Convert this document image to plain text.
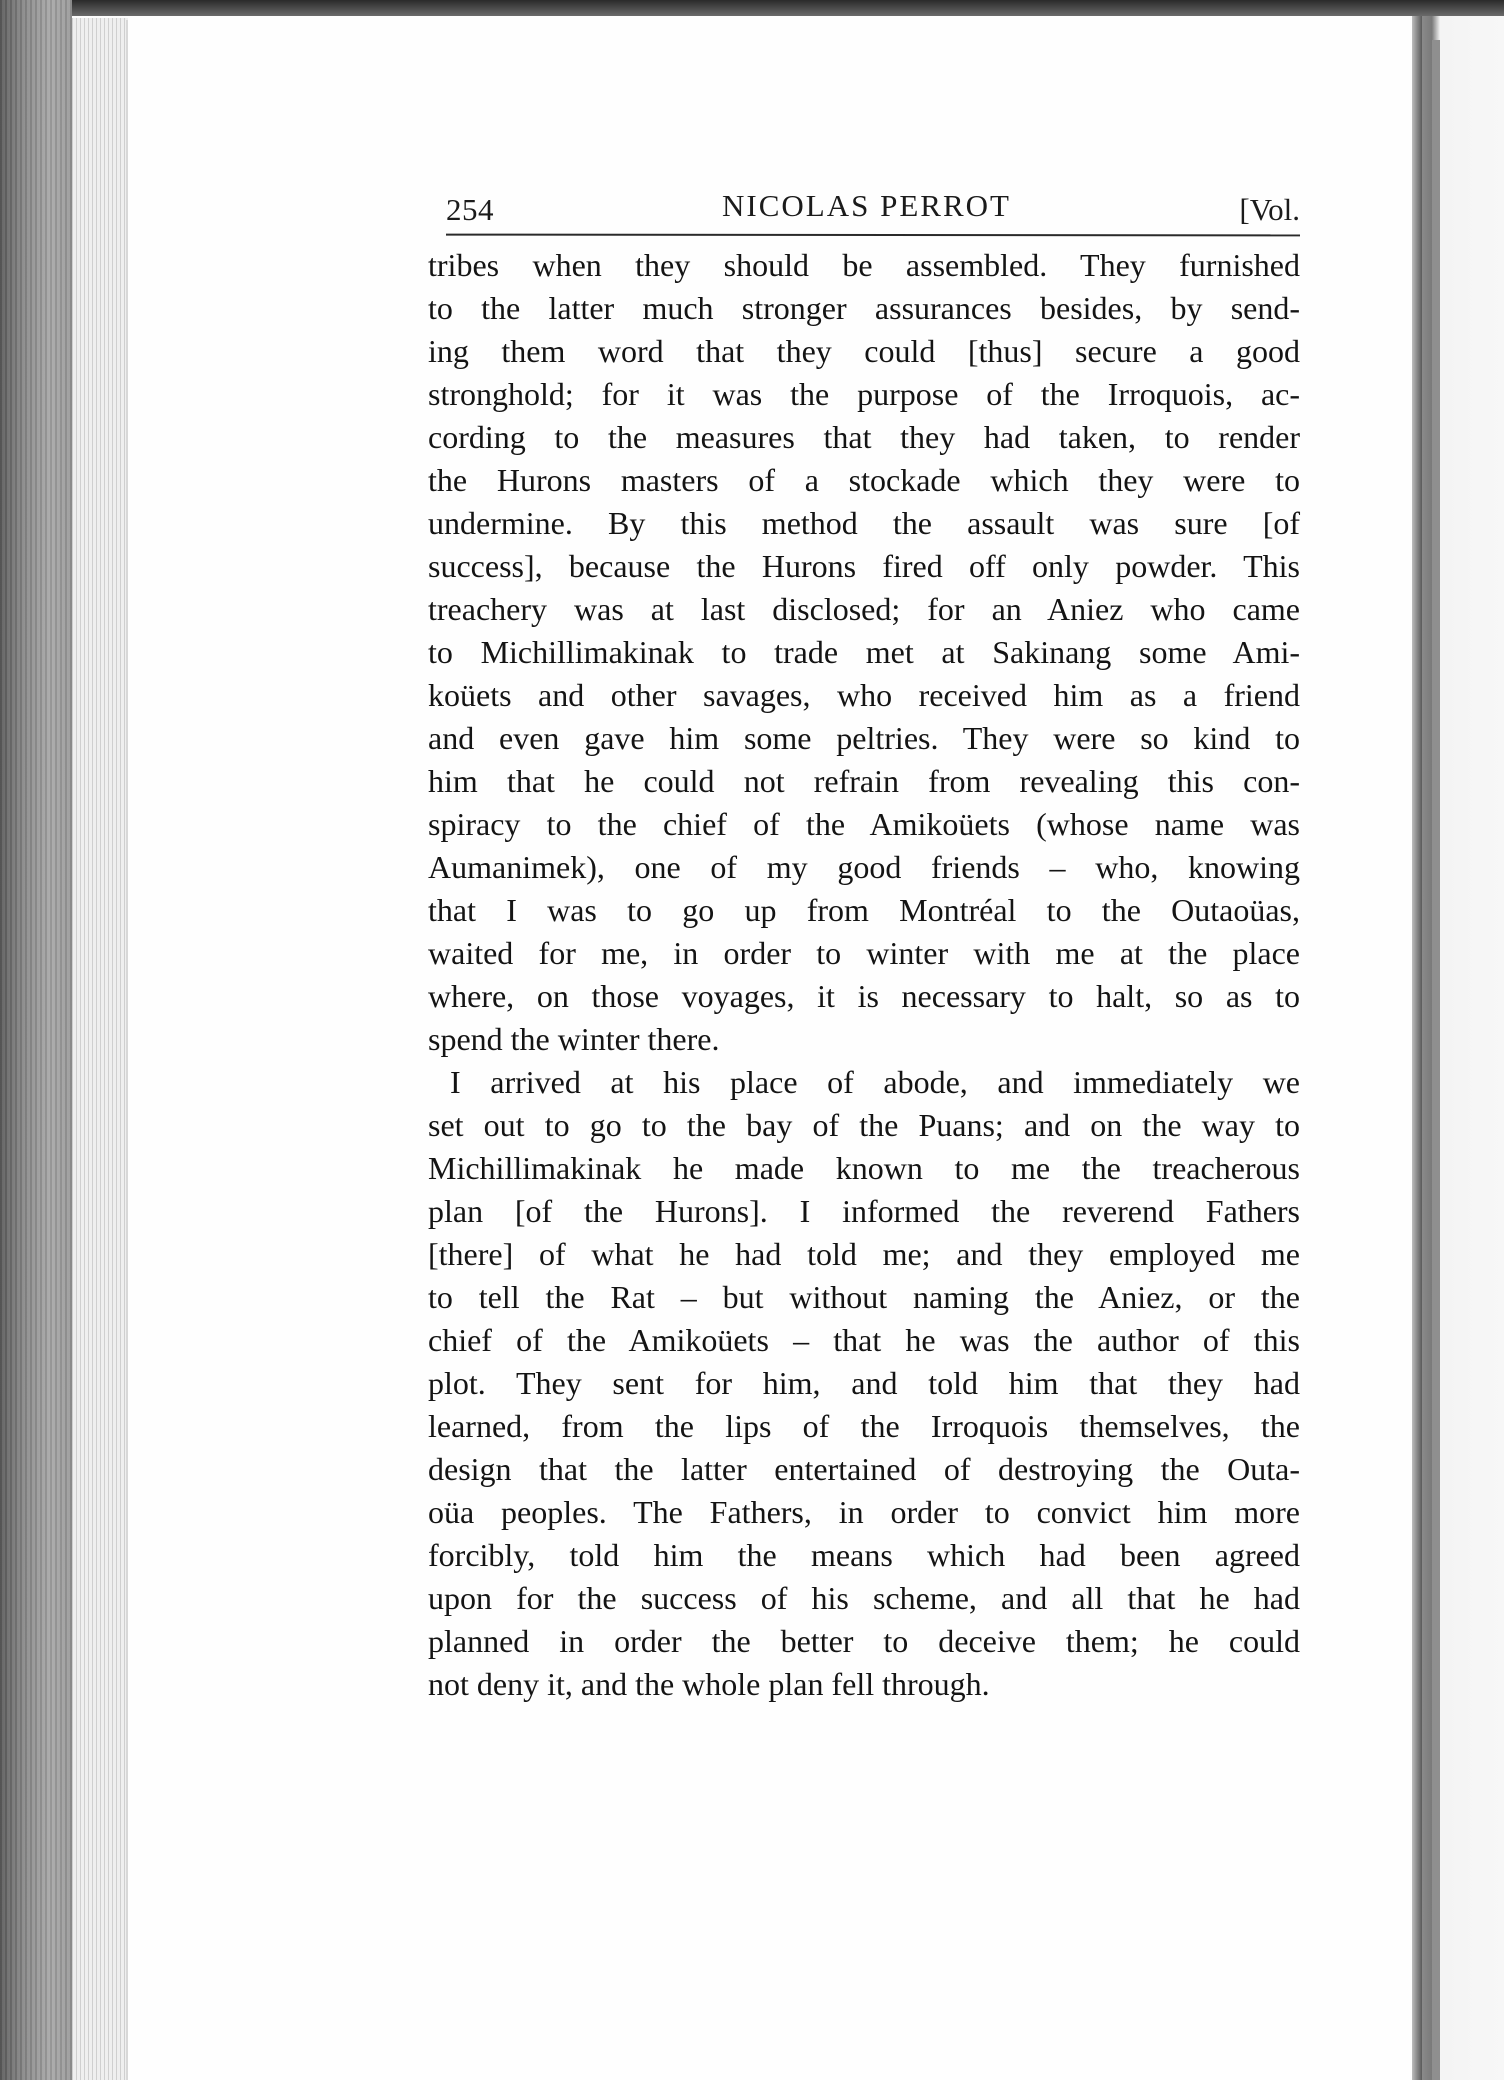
254	NICOLAS PERROT	[Vol.
tribes when they should be assembled. They furnished
to the latter much stronger assurances besides, by send-
ing them word that they could [thus] secure a good
stronghold; for it was the purpose of the Irroquois, ac-
cording to the measures that they had taken, to render
the Hurons masters of a stockade which they were to
undermine. By this method the assault was sure [of
success], because the Hurons fired off only powder. This
treachery was at last disclosed; for an Aniez who came
to Michillimakinak to trade met at Sakinang some Ami-
koüets and other savages, who received him as a friend
and even gave him some peltries. They were so kind to
him that he could not refrain from revealing this con-
spiracy to the chief of the Amikoüets (whose name was
Aumanimek), one of my good friends – who, knowing
that I was to go up from Montréal to the Outaoüas,
waited for me, in order to winter with me at the place
where, on those voyages, it is necessary to halt, so as to
spend the winter there.
I arrived at his place of abode, and immediately we
set out to go to the bay of the Puans; and on the way to
Michillimakinak he made known to me the treacherous
plan [of the Hurons]. I informed the reverend Fathers
[there] of what he had told me; and they employed me
to tell the Rat – but without naming the Aniez, or the
chief of the Amikoüets – that he was the author of this
plot. They sent for him, and told him that they had
learned, from the lips of the Irroquois themselves, the
design that the latter entertained of destroying the Outa-
oüa peoples. The Fathers, in order to convict him more
forcibly, told him the means which had been agreed
upon for the success of his scheme, and all that he had
planned in order the better to deceive them; he could
not deny it, and the whole plan fell through.
